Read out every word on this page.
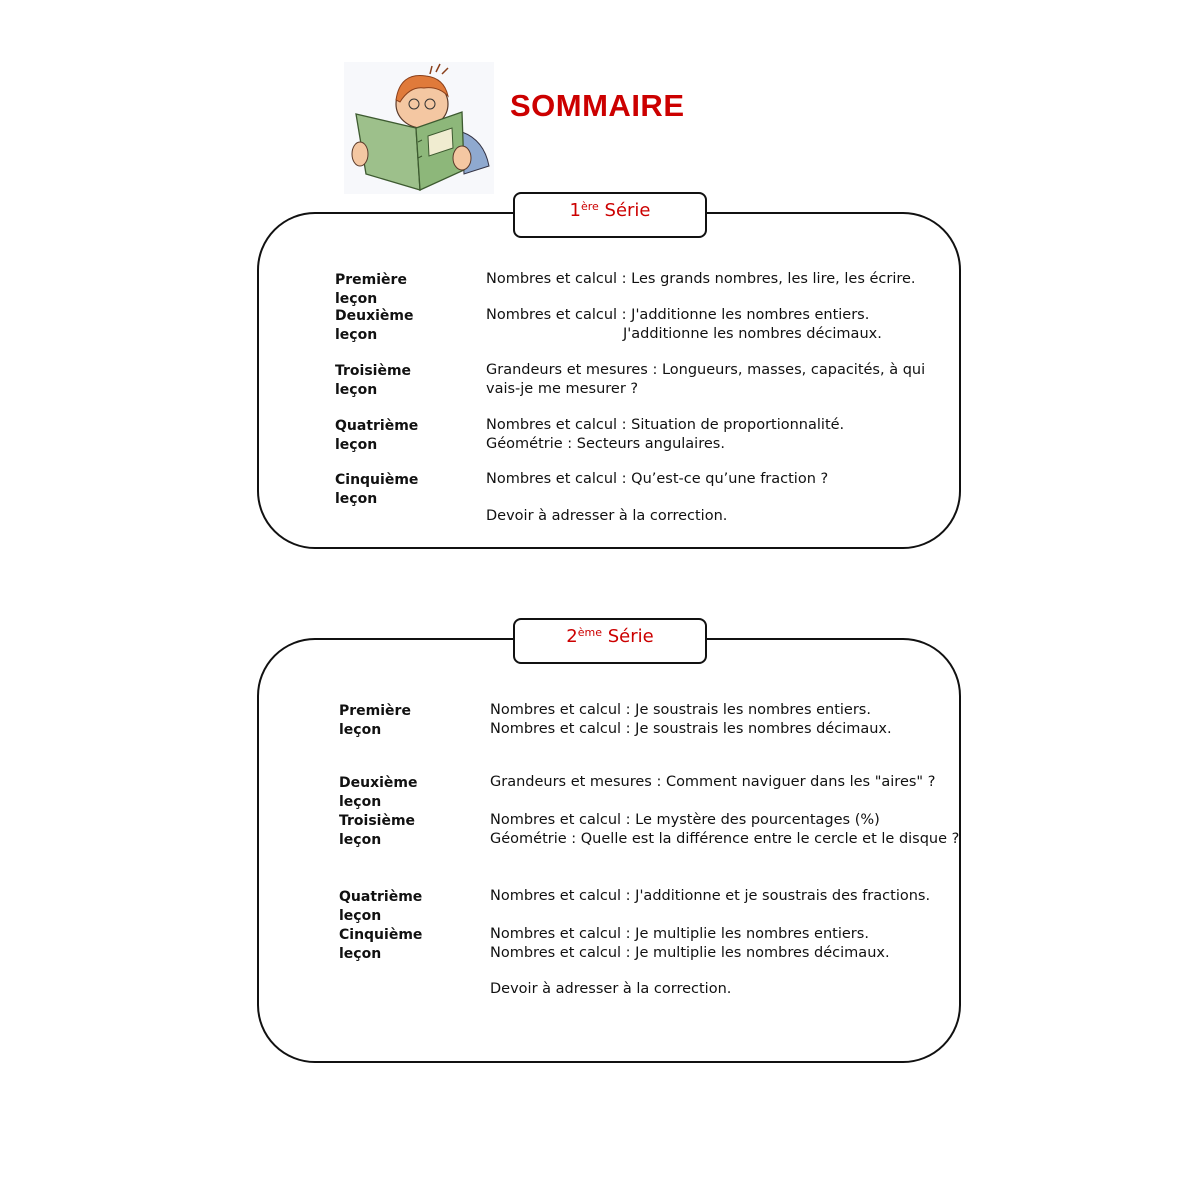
SOMMAIRE
1ère Série
Première leçon
Nombres et calcul : Les grands nombres, les lire, les écrire.
Deuxième leçon
Nombres et calcul : J'additionne les nombres entiers.
J'additionne les nombres décimaux.
Troisième leçon
Grandeurs et mesures : Longueurs, masses, capacités, à qui
vais-je me mesurer ?
Quatrième leçon
Nombres et calcul : Situation de proportionnalité.
Géométrie : Secteurs angulaires.
Cinquième leçon
Nombres et calcul : Qu’est-ce qu’une fraction ?
Devoir à adresser à la correction.
2ème Série
Première leçon
Nombres et calcul : Je soustrais les nombres entiers.
Nombres et calcul : Je soustrais les nombres décimaux.
Deuxième leçon
Grandeurs et mesures : Comment naviguer dans les "aires" ?
Troisième leçon
Nombres et calcul : Le mystère des pourcentages (%)
Géométrie : Quelle est la différence entre le cercle et le disque ?
Quatrième leçon
Nombres et calcul : J'additionne et je soustrais des fractions.
Cinquième leçon
Nombres et calcul : Je multiplie les nombres entiers.
Nombres et calcul : Je multiplie les nombres décimaux.
Devoir à adresser à la correction.
